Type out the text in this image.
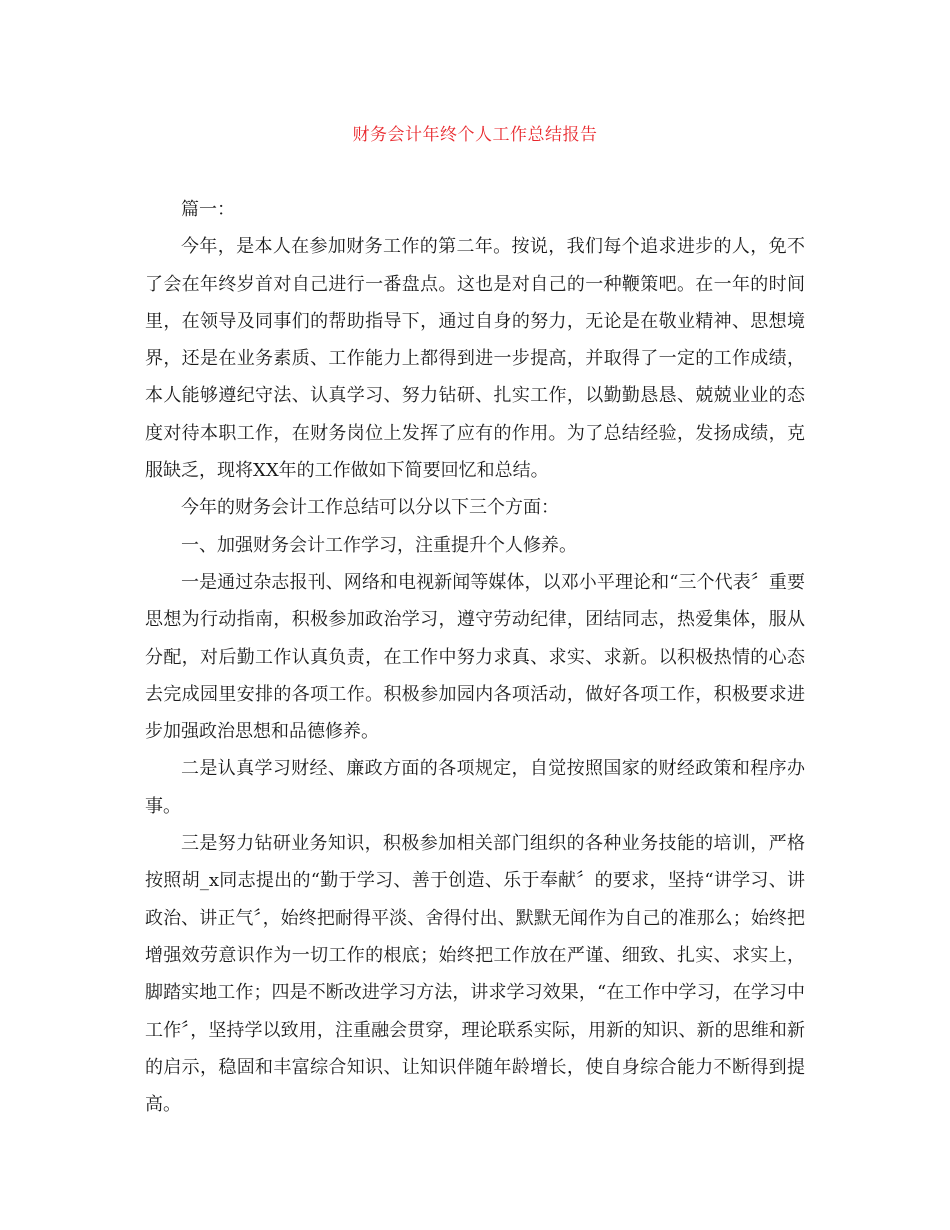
财务会计年终个人工作总结报告

篇一：

今年，是本人在参加财务工作的第二年。按说，我们每个追求进步的人，免不了会在年终岁首对自己进行一番盘点。这也是对自己的一种鞭策吧。在一年的时间里，在领导及同事们的帮助指导下，通过自身的努力，无论是在敬业精神、思想境界，还是在业务素质、工作能力上都得到进一步提高，并取得了一定的工作成绩，本人能够遵纪守法、认真学习、努力钻研、扎实工作，以勤勤恳恳、兢兢业业的态度对待本职工作，在财务岗位上发挥了应有的作用。为了总结经验，发扬成绩，克服缺乏，现将XX年的工作做如下简要回忆和总结。

今年的财务会计工作总结可以分以下三个方面：

一、加强财务会计工作学习，注重提升个人修养。

一是通过杂志报刊、网络和电视新闻等媒体，以邓小平理论和“三个代表〞重要思想为行动指南，积极参加政治学习，遵守劳动纪律，团结同志，热爱集体，服从分配，对后勤工作认真负责，在工作中努力求真、求实、求新。以积极热情的心态去完成园里安排的各项工作。积极参加园内各项活动，做好各项工作，积极要求进步加强政治思想和品德修养。

二是认真学习财经、廉政方面的各项规定，自觉按照国家的财经政策和程序办事。

三是努力钻研业务知识，积极参加相关部门组织的各种业务技能的培训，严格按照胡_x同志提出的“勤于学习、善于创造、乐于奉献〞的要求，坚持“讲学习、讲政治、讲正气〞，始终把耐得平淡、舍得付出、默默无闻作为自己的准那么；始终把增强效劳意识作为一切工作的根底；始终把工作放在严谨、细致、扎实、求实上，脚踏实地工作；四是不断改进学习方法，讲求学习效果，“在工作中学习，在学习中工作〞，坚持学以致用，注重融会贯穿，理论联系实际，用新的知识、新的思维和新的启示，稳固和丰富综合知识、让知识伴随年龄增长，使自身综合能力不断得到提高。
